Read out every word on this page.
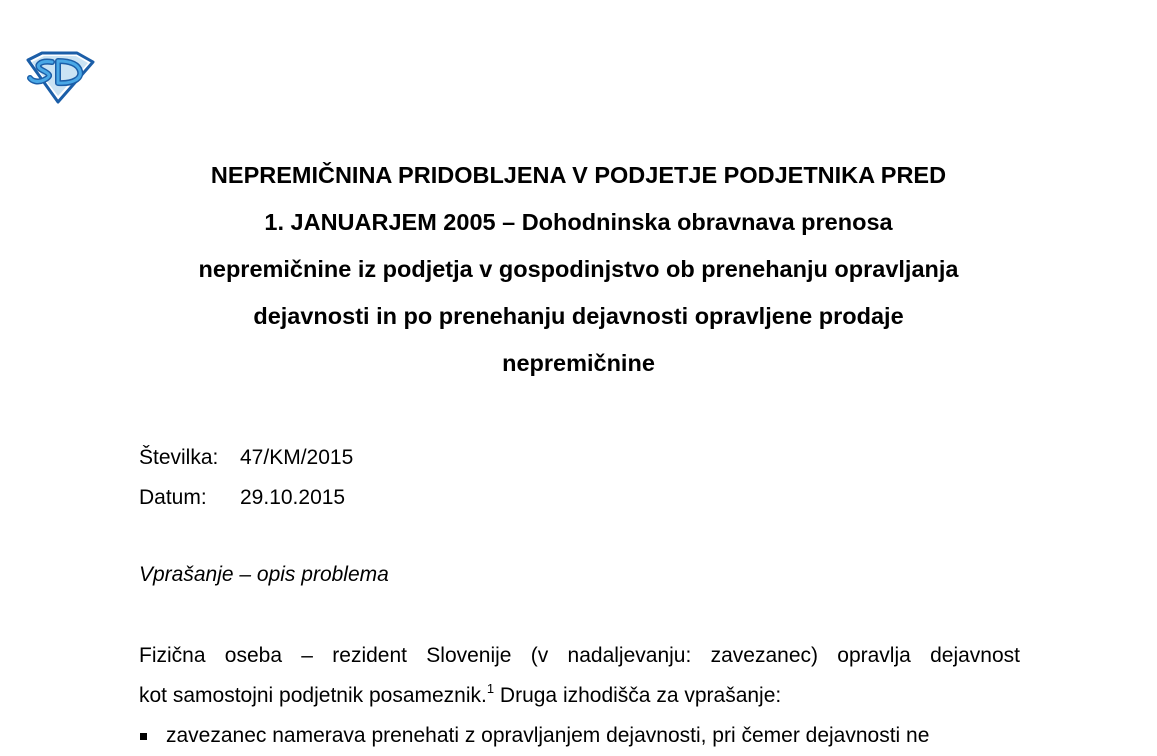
NEPREMIČNINA PRIDOBLJENA V PODJETJE PODJETNIKA PRED
1. JANUARJEM 2005 – Dohodninska obravnava prenosa
nepremičnine iz podjetja v gospodinjstvo ob prenehanju opravljanja
dejavnosti in po prenehanju dejavnosti opravljene prodaje
nepremičnine
Številka:	47/KM/2015
Datum:	29.10.2015
Vprašanje – opis problema
Fizična oseba – rezident Slovenije (v nadaljevanju: zavezanec) opravlja dejavnost
kot samostojni podjetnik posameznik.$^1$ Druga izhodišča za vprašanje:
zavezanec namerava prenehati z opravljanjem dejavnosti, pri čemer dejavnosti ne
